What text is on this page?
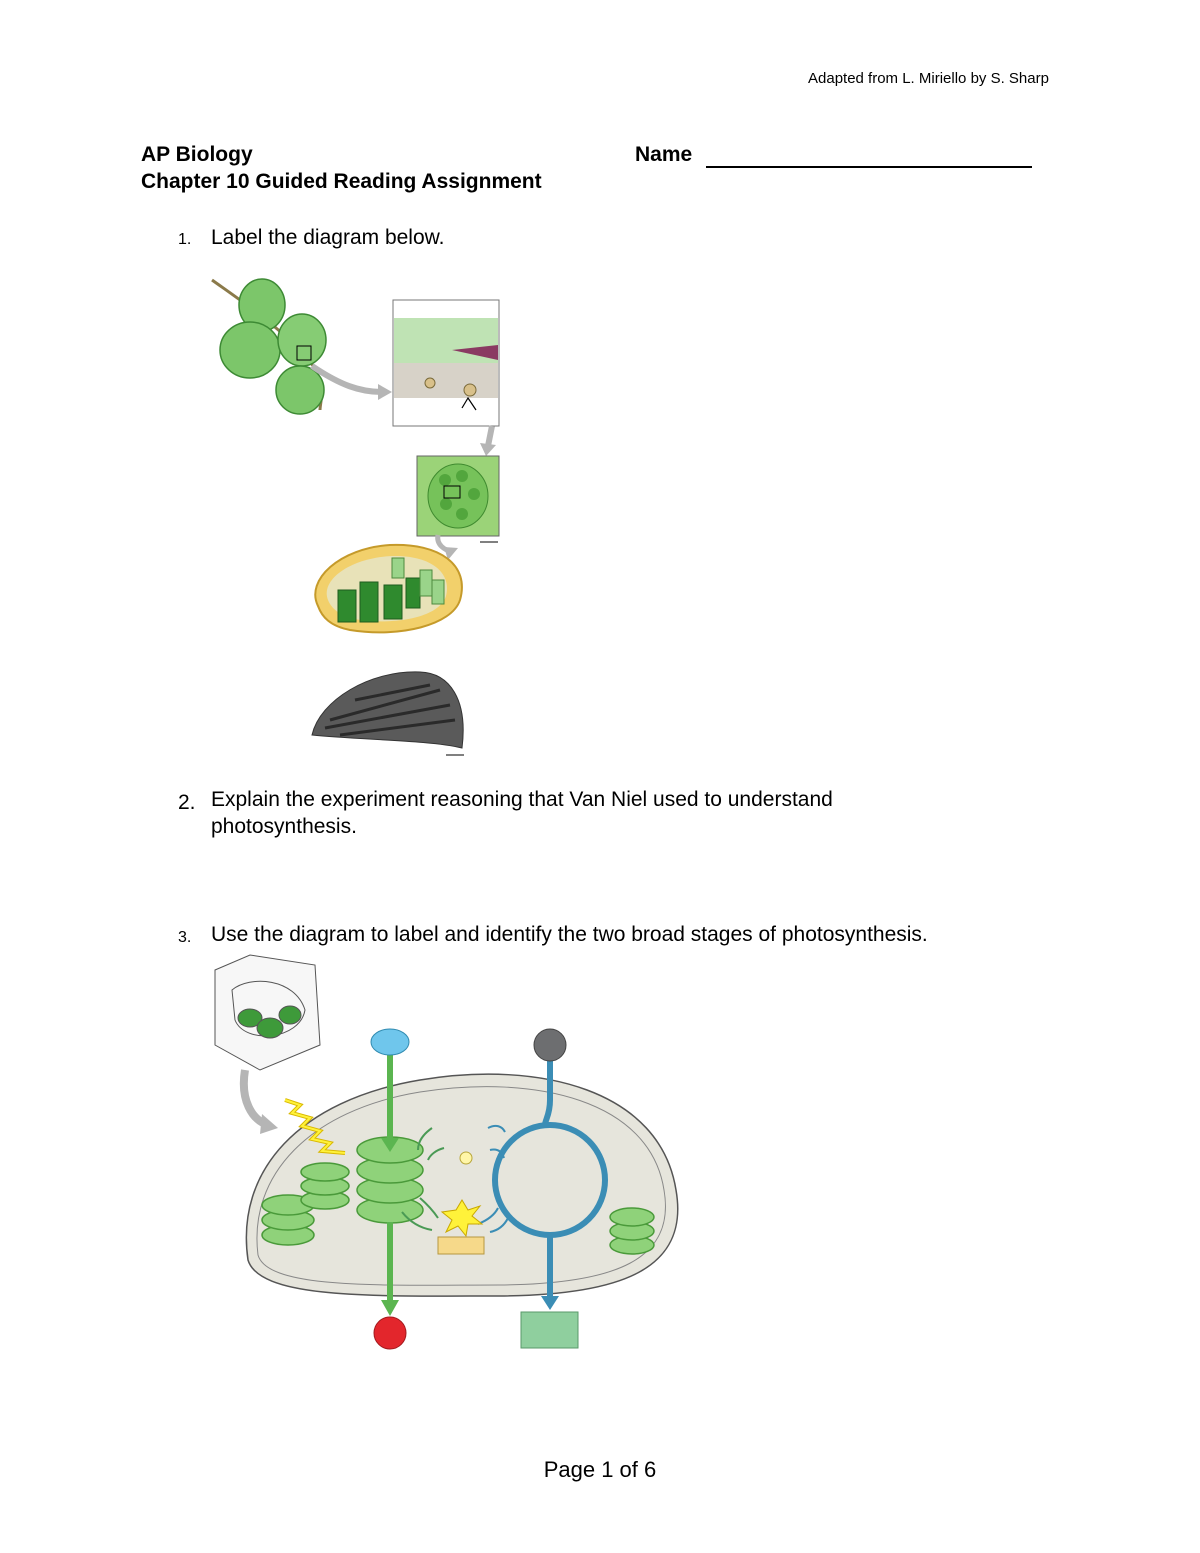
Adapted from L. Miriello by S. Sharp
AP Biology
Chapter 10 Guided Reading Assignment
Name
1. Label the diagram below.
2. Explain the experiment reasoning that Van Niel used to understand
photosynthesis.
3. Use the diagram to label and identify the two broad stages of photosynthesis.
Page 1 of 6
